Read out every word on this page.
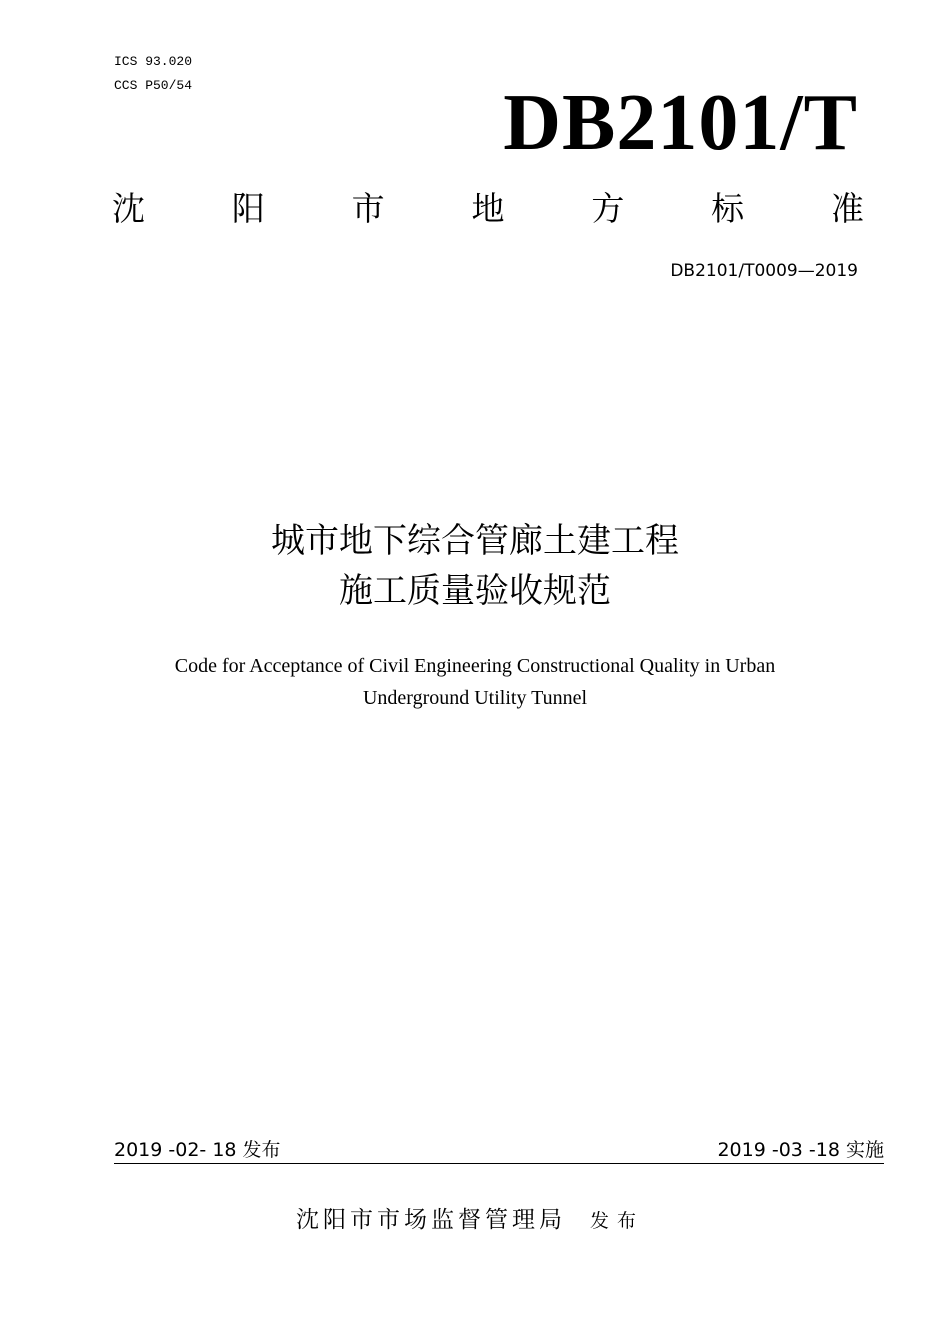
ICS 93.020
CCS P50/54	DB2101/T
沈	阳	市	地	方	标	准
DB2101/T0009—2019
城市地下综合管廊土建工程
施工质量验收规范
Code for Acceptance of Civil Engineering Constructional Quality in Urban
Underground Utility Tunnel
2019 -02- 18 发布	2019 -03 -18 实施
沈阳市市场监督管理局 发布
